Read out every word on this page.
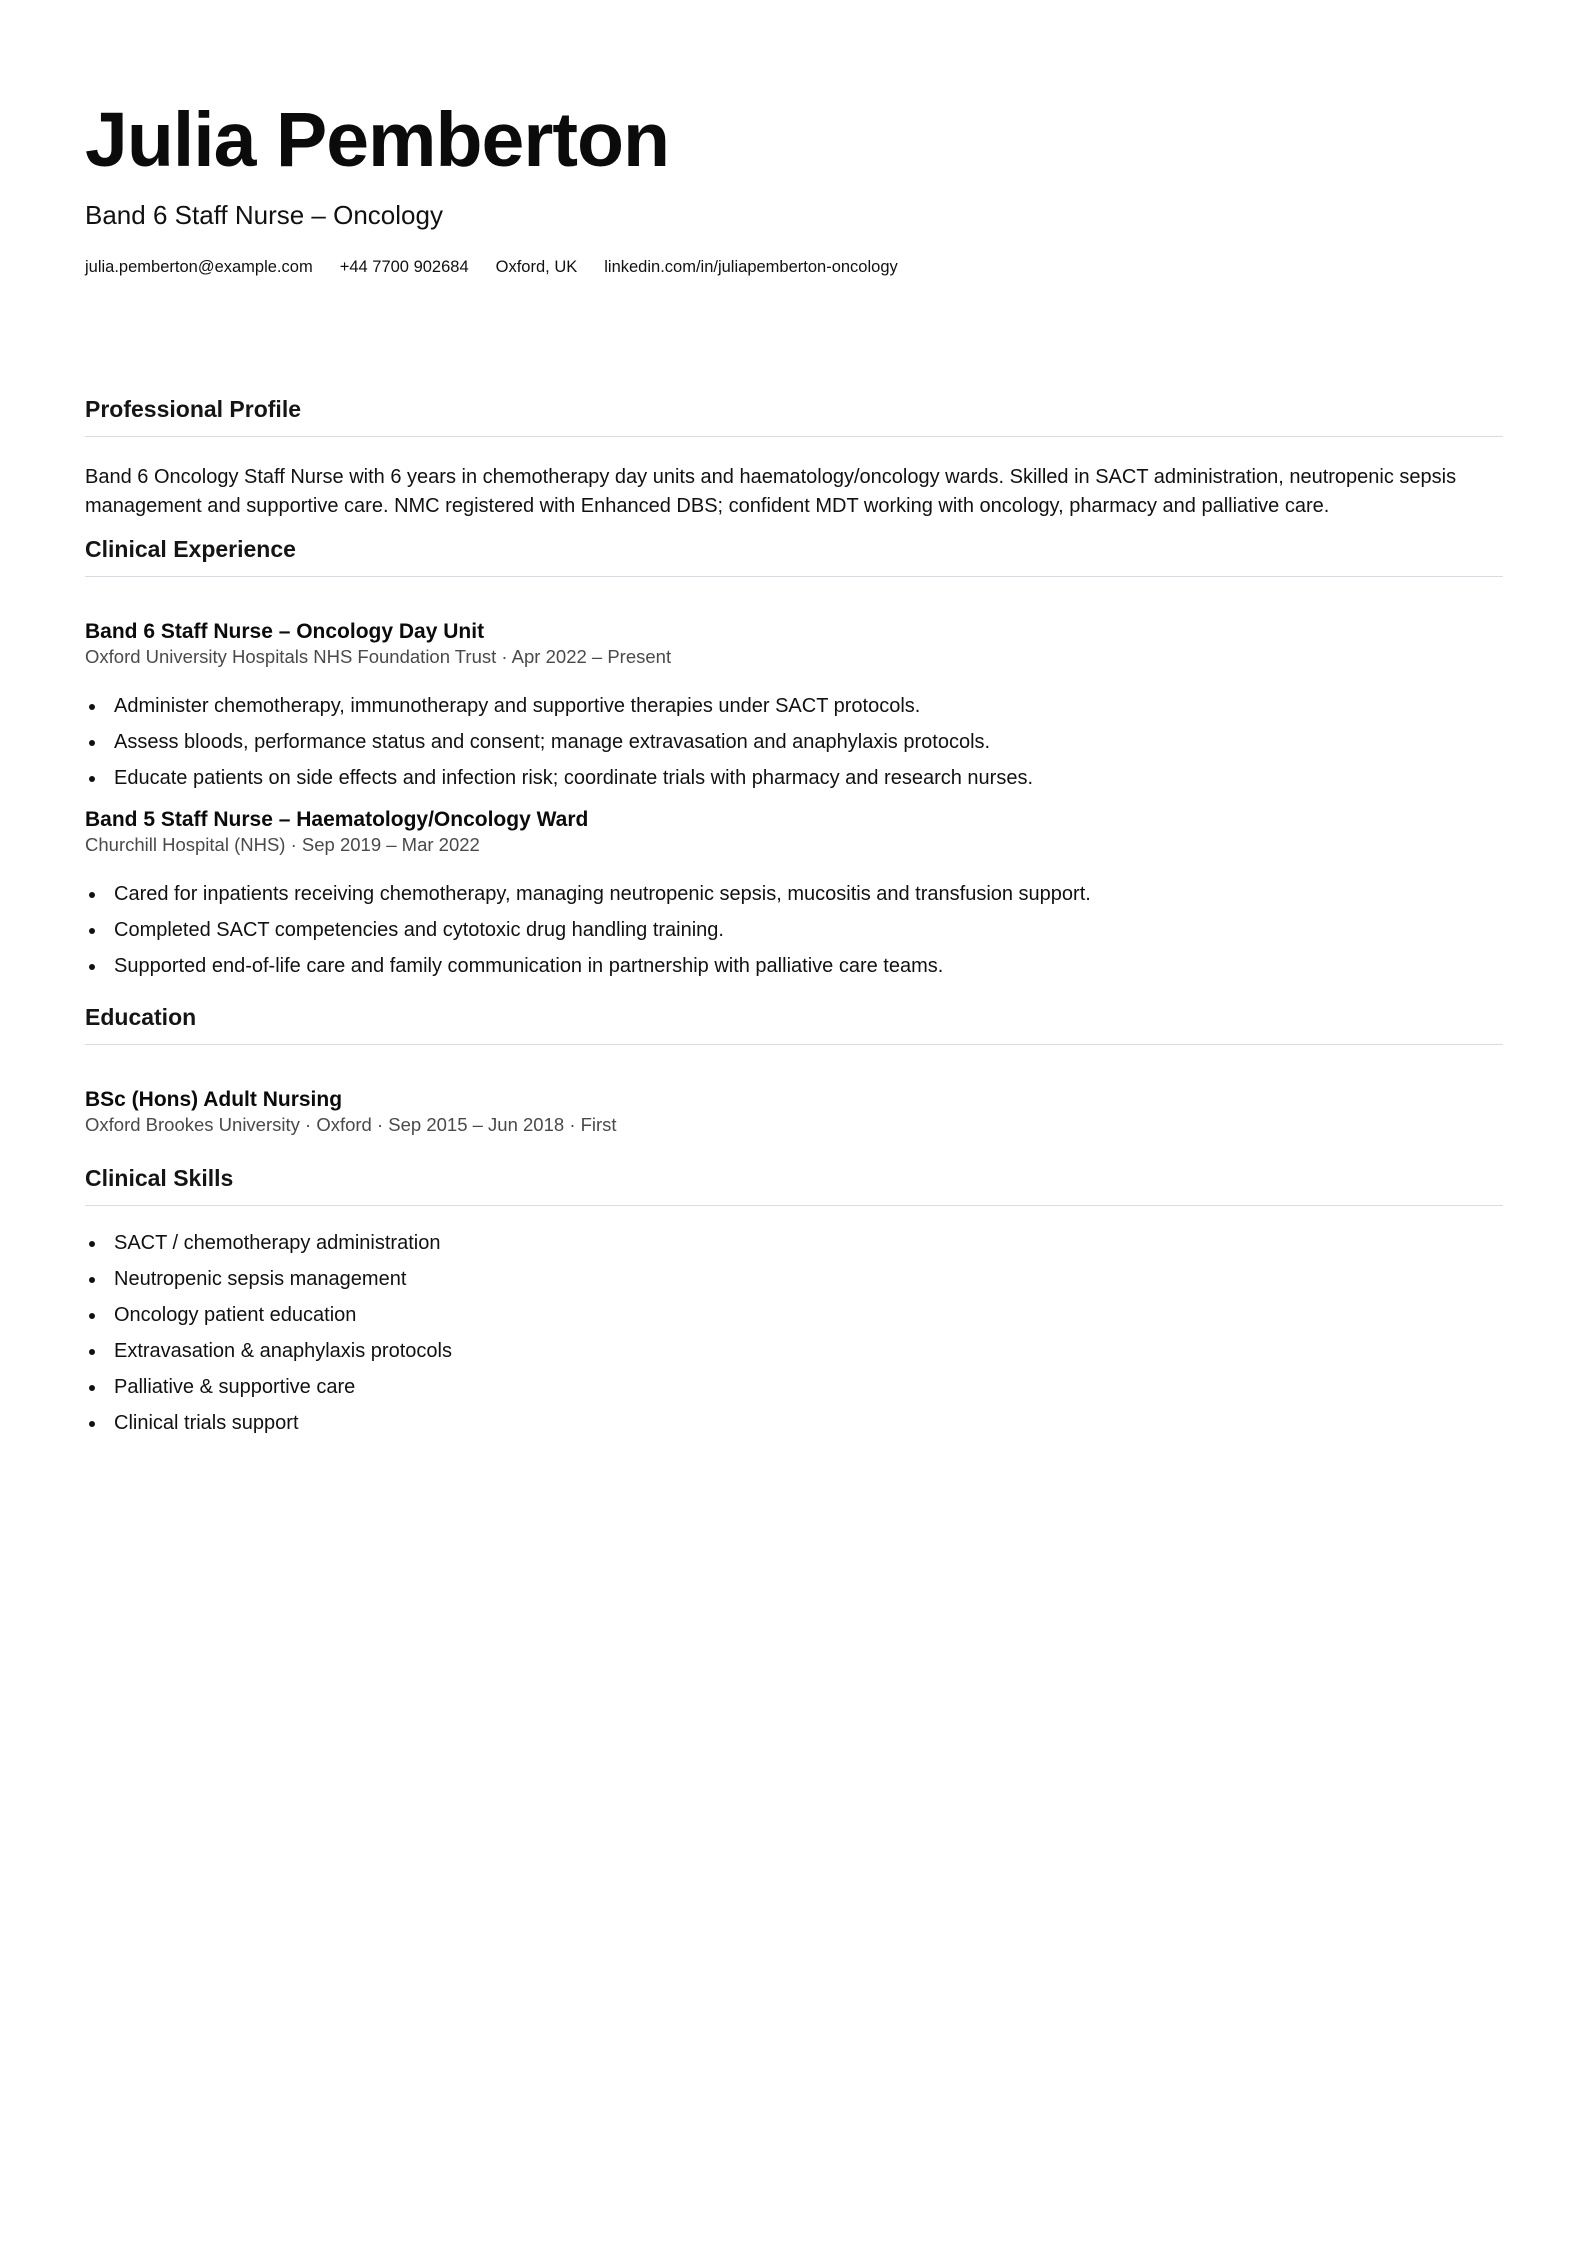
Julia Pemberton
Band 6 Staff Nurse – Oncology
julia.pemberton@example.com +44 7700 902684 Oxford, UK linkedin.com/in/juliapemberton-oncology
Professional Profile
Band 6 Oncology Staff Nurse with 6 years in chemotherapy day units and haematology/oncology wards. Skilled in SACT administration, neutropenic sepsis management and supportive care. NMC registered with Enhanced DBS; confident MDT working with oncology, pharmacy and palliative care.
Clinical Experience
Band 6 Staff Nurse – Oncology Day Unit
Oxford University Hospitals NHS Foundation Trust · Apr 2022 – Present
Administer chemotherapy, immunotherapy and supportive therapies under SACT protocols.
Assess bloods, performance status and consent; manage extravasation and anaphylaxis protocols.
Educate patients on side effects and infection risk; coordinate trials with pharmacy and research nurses.
Band 5 Staff Nurse – Haematology/Oncology Ward
Churchill Hospital (NHS) · Sep 2019 – Mar 2022
Cared for inpatients receiving chemotherapy, managing neutropenic sepsis, mucositis and transfusion support.
Completed SACT competencies and cytotoxic drug handling training.
Supported end-of-life care and family communication in partnership with palliative care teams.
Education
BSc (Hons) Adult Nursing
Oxford Brookes University · Oxford · Sep 2015 – Jun 2018 · First
Clinical Skills
SACT / chemotherapy administration
Neutropenic sepsis management
Oncology patient education
Extravasation & anaphylaxis protocols
Palliative & supportive care
Clinical trials support
